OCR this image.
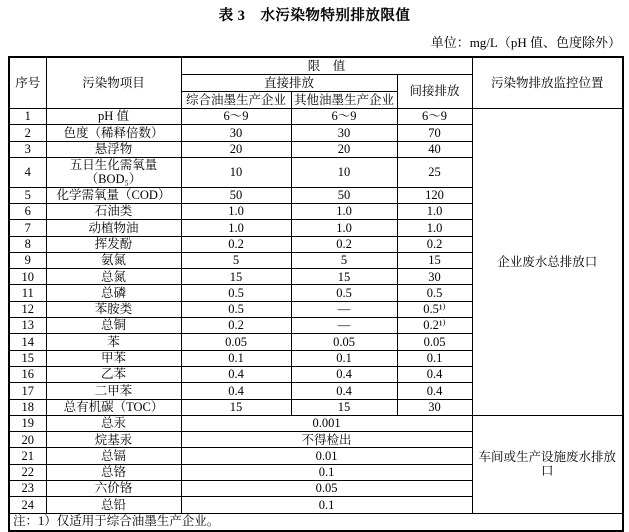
表 3　水污染物特别排放限值
单位：mg/L（pH 值、色度除外）
序号	污染物项目	限　值			污染物排放监控位置
		直接排放		间接排放	
		综合油墨生产企业	其他油墨生产企业		
1	pH 值	6～9	6～9	6～9	企业废水总排放口
2	色度（稀释倍数）	30	30	70	
3	悬浮物	20	20	40	
4	五日生化需氧量（BOD₅）	10	10	25	
5	化学需氧量（COD）	50	50	120	
6	石油类	1.0	1.0	1.0	
7	动植物油	1.0	1.0	1.0	
8	挥发酚	0.2	0.2	0.2	
9	氨氮	5	5	15	
10	总氮	15	15	30	
11	总磷	0.5	0.5	0.5	
12	苯胺类	0.5	—	0.5¹⁾	
13	总铜	0.2	—	0.2¹⁾	
14	苯	0.05	0.05	0.05	
15	甲苯	0.1	0.1	0.1	
16	乙苯	0.4	0.4	0.4	
17	二甲苯	0.4	0.4	0.4	
18	总有机碳（TOC）	15	15	30	
19	总汞	0.001			车间或生产设施废水排放口
20	烷基汞	不得检出			
21	总镉	0.01			
22	总铬	0.1			
23	六价铬	0.05			
24	总铅	0.1			
注：1）仅适用于综合油墨生产企业。					
